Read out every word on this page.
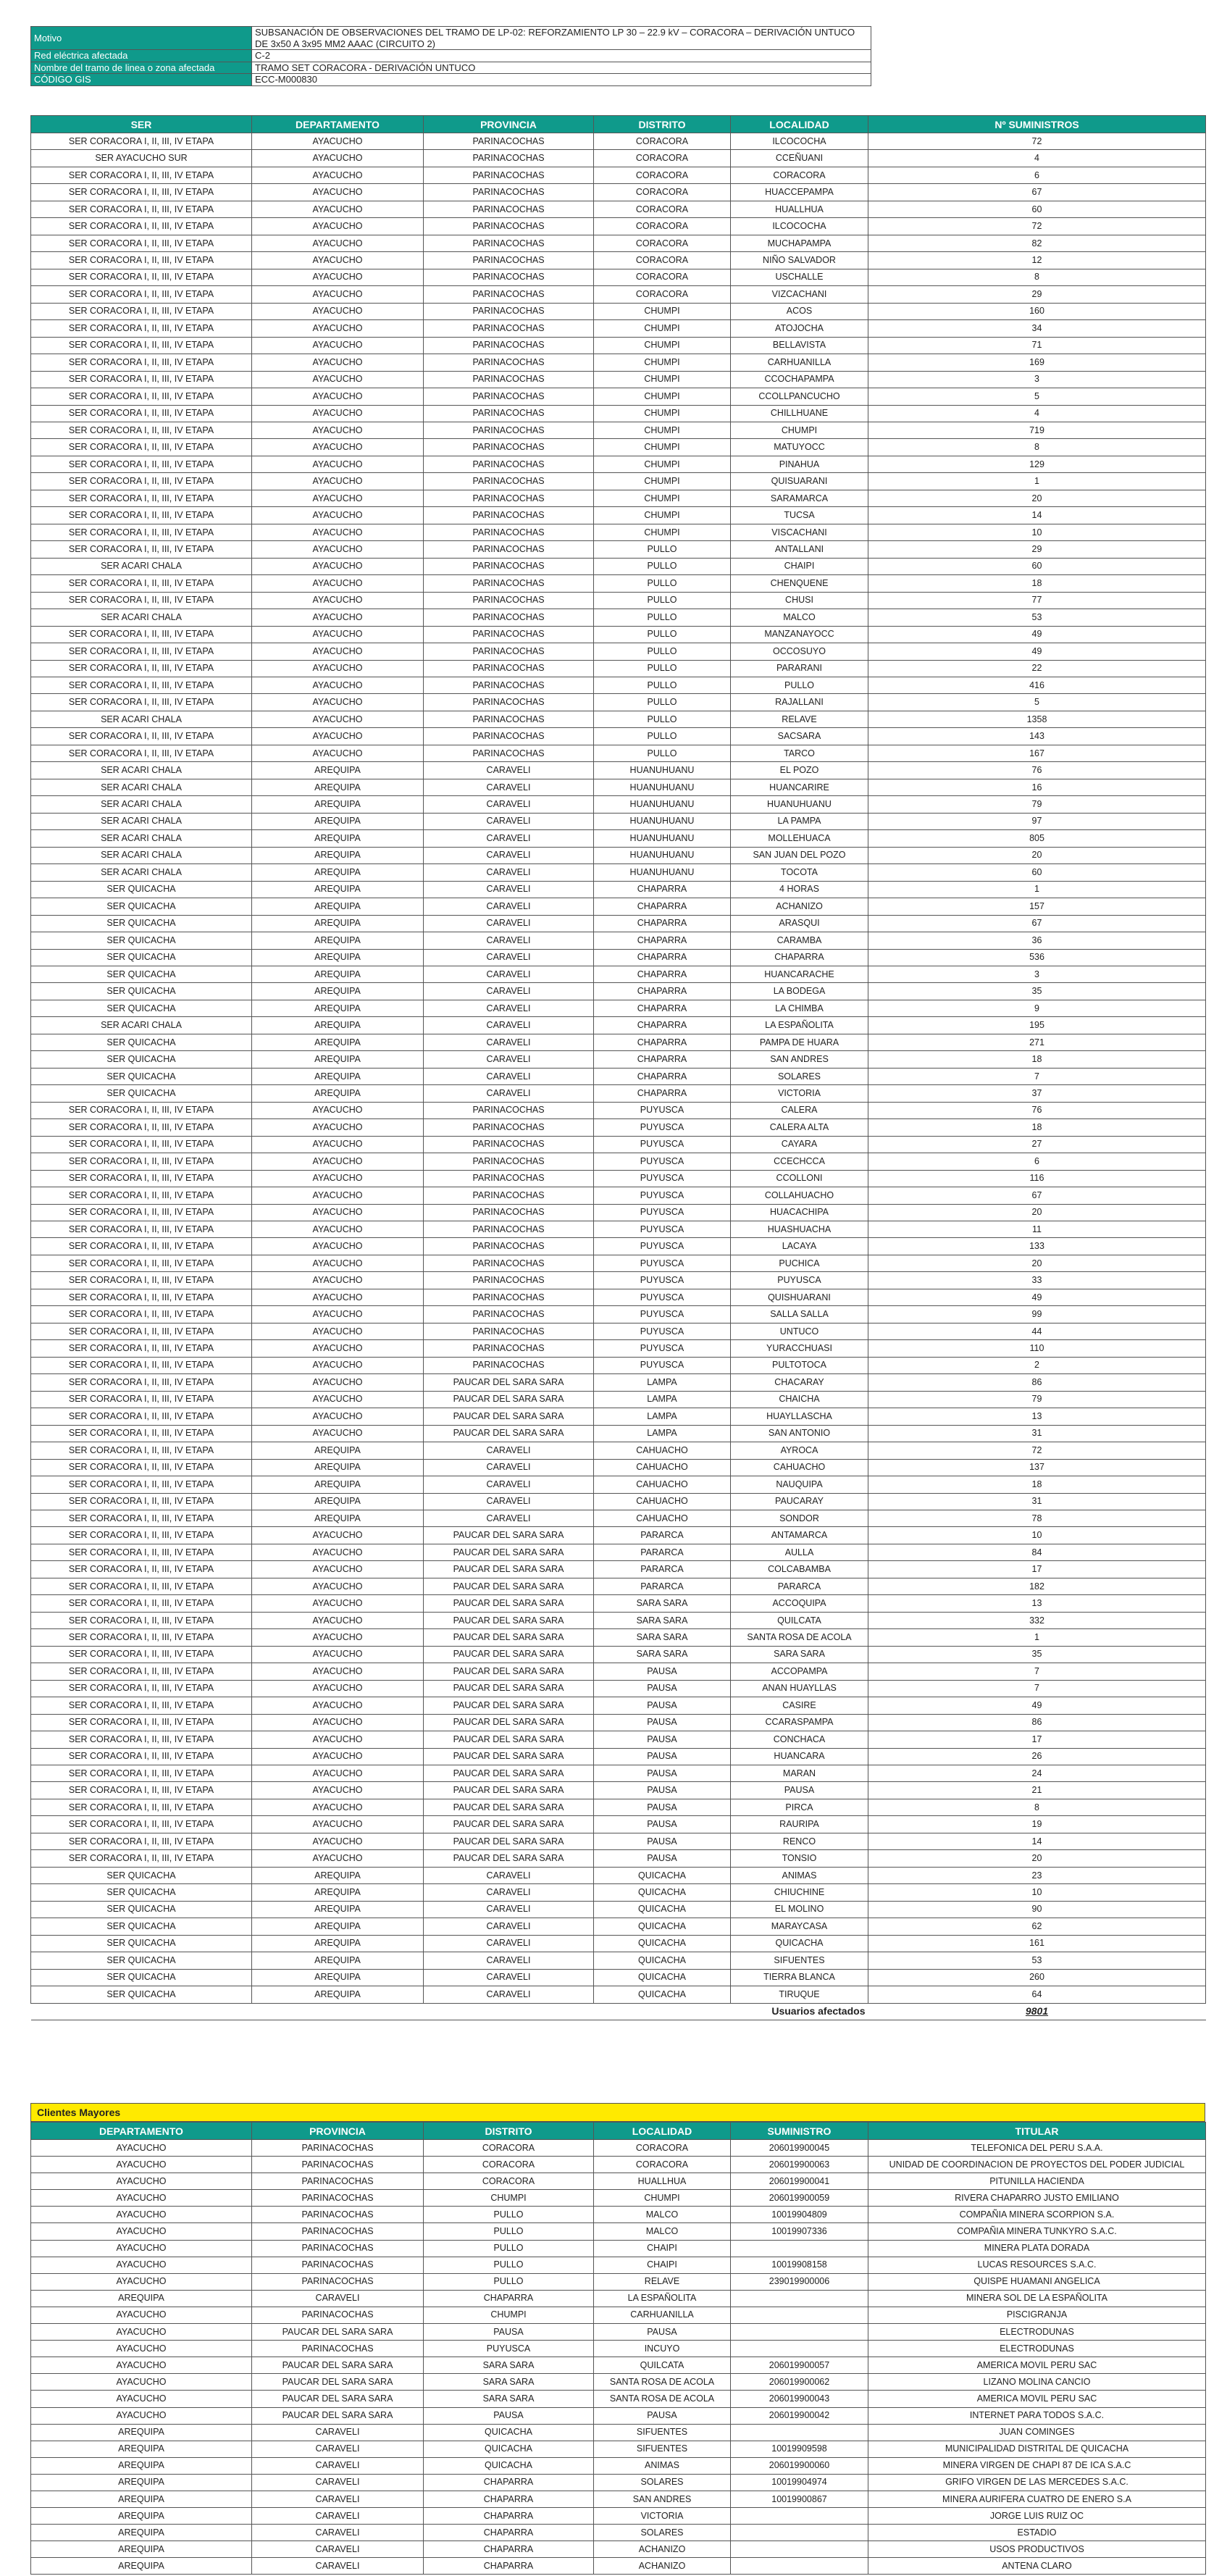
Motivo	SUBSANACIÓN DE OBSERVACIONES DEL TRAMO DE LP-02: REFORZAMIENTO LP 30 – 22.9 kV – CORACORA – DERIVACIÓN UNTUCO DE 3x50 A 3x95 MM2 AAAC (CIRCUITO 2)
Red eléctrica afectada	C-2
Nombre del tramo de linea o zona afectada	TRAMO SET CORACORA - DERIVACIÓN UNTUCO
CÓDIGO GIS	ECC-M000830
SER	DEPARTAMENTO	PROVINCIA	DISTRITO	LOCALIDAD	Nº SUMINISTROS
SER CORACORA I, II, III, IV ETAPA	AYACUCHO	PARINACOCHAS	CORACORA	ILCOCOCHA	72
SER AYACUCHO SUR	AYACUCHO	PARINACOCHAS	CORACORA	CCEÑUANI	4
SER CORACORA I, II, III, IV ETAPA	AYACUCHO	PARINACOCHAS	CORACORA	CORACORA	6
SER CORACORA I, II, III, IV ETAPA	AYACUCHO	PARINACOCHAS	CORACORA	HUACCEPAMPA	67
SER CORACORA I, II, III, IV ETAPA	AYACUCHO	PARINACOCHAS	CORACORA	HUALLHUA	60
SER CORACORA I, II, III, IV ETAPA	AYACUCHO	PARINACOCHAS	CORACORA	ILCOCOCHA	72
SER CORACORA I, II, III, IV ETAPA	AYACUCHO	PARINACOCHAS	CORACORA	MUCHAPAMPA	82
SER CORACORA I, II, III, IV ETAPA	AYACUCHO	PARINACOCHAS	CORACORA	NIÑO SALVADOR	12
SER CORACORA I, II, III, IV ETAPA	AYACUCHO	PARINACOCHAS	CORACORA	USCHALLE	8
SER CORACORA I, II, III, IV ETAPA	AYACUCHO	PARINACOCHAS	CORACORA	VIZCACHANI	29
SER CORACORA I, II, III, IV ETAPA	AYACUCHO	PARINACOCHAS	CHUMPI	ACOS	160
SER CORACORA I, II, III, IV ETAPA	AYACUCHO	PARINACOCHAS	CHUMPI	ATOJOCHA	34
SER CORACORA I, II, III, IV ETAPA	AYACUCHO	PARINACOCHAS	CHUMPI	BELLAVISTA	71
SER CORACORA I, II, III, IV ETAPA	AYACUCHO	PARINACOCHAS	CHUMPI	CARHUANILLA	169
SER CORACORA I, II, III, IV ETAPA	AYACUCHO	PARINACOCHAS	CHUMPI	CCOCHAPAMPA	3
SER CORACORA I, II, III, IV ETAPA	AYACUCHO	PARINACOCHAS	CHUMPI	CCOLLPANCUCHO	5
SER CORACORA I, II, III, IV ETAPA	AYACUCHO	PARINACOCHAS	CHUMPI	CHILLHUANE	4
SER CORACORA I, II, III, IV ETAPA	AYACUCHO	PARINACOCHAS	CHUMPI	CHUMPI	719
SER CORACORA I, II, III, IV ETAPA	AYACUCHO	PARINACOCHAS	CHUMPI	MATUYOCC	8
SER CORACORA I, II, III, IV ETAPA	AYACUCHO	PARINACOCHAS	CHUMPI	PINAHUA	129
SER CORACORA I, II, III, IV ETAPA	AYACUCHO	PARINACOCHAS	CHUMPI	QUISUARANI	1
SER CORACORA I, II, III, IV ETAPA	AYACUCHO	PARINACOCHAS	CHUMPI	SARAMARCA	20
SER CORACORA I, II, III, IV ETAPA	AYACUCHO	PARINACOCHAS	CHUMPI	TUCSA	14
SER CORACORA I, II, III, IV ETAPA	AYACUCHO	PARINACOCHAS	CHUMPI	VISCACHANI	10
SER CORACORA I, II, III, IV ETAPA	AYACUCHO	PARINACOCHAS	PULLO	ANTALLANI	29
SER ACARI CHALA	AYACUCHO	PARINACOCHAS	PULLO	CHAIPI	60
SER CORACORA I, II, III, IV ETAPA	AYACUCHO	PARINACOCHAS	PULLO	CHENQUENE	18
SER CORACORA I, II, III, IV ETAPA	AYACUCHO	PARINACOCHAS	PULLO	CHUSI	77
SER ACARI CHALA	AYACUCHO	PARINACOCHAS	PULLO	MALCO	53
SER CORACORA I, II, III, IV ETAPA	AYACUCHO	PARINACOCHAS	PULLO	MANZANAYOCC	49
SER CORACORA I, II, III, IV ETAPA	AYACUCHO	PARINACOCHAS	PULLO	OCCOSUYO	49
SER CORACORA I, II, III, IV ETAPA	AYACUCHO	PARINACOCHAS	PULLO	PARARANI	22
SER CORACORA I, II, III, IV ETAPA	AYACUCHO	PARINACOCHAS	PULLO	PULLO	416
SER CORACORA I, II, III, IV ETAPA	AYACUCHO	PARINACOCHAS	PULLO	RAJALLANI	5
SER ACARI CHALA	AYACUCHO	PARINACOCHAS	PULLO	RELAVE	1358
SER CORACORA I, II, III, IV ETAPA	AYACUCHO	PARINACOCHAS	PULLO	SACSARA	143
SER CORACORA I, II, III, IV ETAPA	AYACUCHO	PARINACOCHAS	PULLO	TARCO	167
SER ACARI CHALA	AREQUIPA	CARAVELI	HUANUHUANU	EL POZO	76
SER ACARI CHALA	AREQUIPA	CARAVELI	HUANUHUANU	HUANCARIRE	16
SER ACARI CHALA	AREQUIPA	CARAVELI	HUANUHUANU	HUANUHUANU	79
SER ACARI CHALA	AREQUIPA	CARAVELI	HUANUHUANU	LA PAMPA	97
SER ACARI CHALA	AREQUIPA	CARAVELI	HUANUHUANU	MOLLEHUACA	805
SER ACARI CHALA	AREQUIPA	CARAVELI	HUANUHUANU	SAN JUAN DEL POZO	20
SER ACARI CHALA	AREQUIPA	CARAVELI	HUANUHUANU	TOCOTA	60
SER QUICACHA	AREQUIPA	CARAVELI	CHAPARRA	4 HORAS	1
SER QUICACHA	AREQUIPA	CARAVELI	CHAPARRA	ACHANIZO	157
SER QUICACHA	AREQUIPA	CARAVELI	CHAPARRA	ARASQUI	67
SER QUICACHA	AREQUIPA	CARAVELI	CHAPARRA	CARAMBA	36
SER QUICACHA	AREQUIPA	CARAVELI	CHAPARRA	CHAPARRA	536
SER QUICACHA	AREQUIPA	CARAVELI	CHAPARRA	HUANCARACHE	3
SER QUICACHA	AREQUIPA	CARAVELI	CHAPARRA	LA BODEGA	35
SER QUICACHA	AREQUIPA	CARAVELI	CHAPARRA	LA CHIMBA	9
SER ACARI CHALA	AREQUIPA	CARAVELI	CHAPARRA	LA ESPAÑOLITA	195
SER QUICACHA	AREQUIPA	CARAVELI	CHAPARRA	PAMPA DE HUARA	271
SER QUICACHA	AREQUIPA	CARAVELI	CHAPARRA	SAN ANDRES	18
SER QUICACHA	AREQUIPA	CARAVELI	CHAPARRA	SOLARES	7
SER QUICACHA	AREQUIPA	CARAVELI	CHAPARRA	VICTORIA	37
SER CORACORA I, II, III, IV ETAPA	AYACUCHO	PARINACOCHAS	PUYUSCA	CALERA	76
SER CORACORA I, II, III, IV ETAPA	AYACUCHO	PARINACOCHAS	PUYUSCA	CALERA ALTA	18
SER CORACORA I, II, III, IV ETAPA	AYACUCHO	PARINACOCHAS	PUYUSCA	CAYARA	27
SER CORACORA I, II, III, IV ETAPA	AYACUCHO	PARINACOCHAS	PUYUSCA	CCECHCCA	6
SER CORACORA I, II, III, IV ETAPA	AYACUCHO	PARINACOCHAS	PUYUSCA	CCOLLONI	116
SER CORACORA I, II, III, IV ETAPA	AYACUCHO	PARINACOCHAS	PUYUSCA	COLLAHUACHO	67
SER CORACORA I, II, III, IV ETAPA	AYACUCHO	PARINACOCHAS	PUYUSCA	HUACACHIPA	20
SER CORACORA I, II, III, IV ETAPA	AYACUCHO	PARINACOCHAS	PUYUSCA	HUASHUACHA	11
SER CORACORA I, II, III, IV ETAPA	AYACUCHO	PARINACOCHAS	PUYUSCA	LACAYA	133
SER CORACORA I, II, III, IV ETAPA	AYACUCHO	PARINACOCHAS	PUYUSCA	PUCHICA	20
SER CORACORA I, II, III, IV ETAPA	AYACUCHO	PARINACOCHAS	PUYUSCA	PUYUSCA	33
SER CORACORA I, II, III, IV ETAPA	AYACUCHO	PARINACOCHAS	PUYUSCA	QUISHUARANI	49
SER CORACORA I, II, III, IV ETAPA	AYACUCHO	PARINACOCHAS	PUYUSCA	SALLA SALLA	99
SER CORACORA I, II, III, IV ETAPA	AYACUCHO	PARINACOCHAS	PUYUSCA	UNTUCO	44
SER CORACORA I, II, III, IV ETAPA	AYACUCHO	PARINACOCHAS	PUYUSCA	YURACCHUASI	110
SER CORACORA I, II, III, IV ETAPA	AYACUCHO	PARINACOCHAS	PUYUSCA	PULTOTOCA	2
SER CORACORA I, II, III, IV ETAPA	AYACUCHO	PAUCAR DEL SARA SARA	LAMPA	CHACARAY	86
SER CORACORA I, II, III, IV ETAPA	AYACUCHO	PAUCAR DEL SARA SARA	LAMPA	CHAICHA	79
SER CORACORA I, II, III, IV ETAPA	AYACUCHO	PAUCAR DEL SARA SARA	LAMPA	HUAYLLASCHA	13
SER CORACORA I, II, III, IV ETAPA	AYACUCHO	PAUCAR DEL SARA SARA	LAMPA	SAN ANTONIO	31
SER CORACORA I, II, III, IV ETAPA	AREQUIPA	CARAVELI	CAHUACHO	AYROCA	72
SER CORACORA I, II, III, IV ETAPA	AREQUIPA	CARAVELI	CAHUACHO	CAHUACHO	137
SER CORACORA I, II, III, IV ETAPA	AREQUIPA	CARAVELI	CAHUACHO	NAUQUIPA	18
SER CORACORA I, II, III, IV ETAPA	AREQUIPA	CARAVELI	CAHUACHO	PAUCARAY	31
SER CORACORA I, II, III, IV ETAPA	AREQUIPA	CARAVELI	CAHUACHO	SONDOR	78
SER CORACORA I, II, III, IV ETAPA	AYACUCHO	PAUCAR DEL SARA SARA	PARARCA	ANTAMARCA	10
SER CORACORA I, II, III, IV ETAPA	AYACUCHO	PAUCAR DEL SARA SARA	PARARCA	AULLA	84
SER CORACORA I, II, III, IV ETAPA	AYACUCHO	PAUCAR DEL SARA SARA	PARARCA	COLCABAMBA	17
SER CORACORA I, II, III, IV ETAPA	AYACUCHO	PAUCAR DEL SARA SARA	PARARCA	PARARCA	182
SER CORACORA I, II, III, IV ETAPA	AYACUCHO	PAUCAR DEL SARA SARA	SARA SARA	ACCOQUIPA	13
SER CORACORA I, II, III, IV ETAPA	AYACUCHO	PAUCAR DEL SARA SARA	SARA SARA	QUILCATA	332
SER CORACORA I, II, III, IV ETAPA	AYACUCHO	PAUCAR DEL SARA SARA	SARA SARA	SANTA ROSA DE ACOLA	1
SER CORACORA I, II, III, IV ETAPA	AYACUCHO	PAUCAR DEL SARA SARA	SARA SARA	SARA SARA	35
SER CORACORA I, II, III, IV ETAPA	AYACUCHO	PAUCAR DEL SARA SARA	PAUSA	ACCOPAMPA	7
SER CORACORA I, II, III, IV ETAPA	AYACUCHO	PAUCAR DEL SARA SARA	PAUSA	ANAN HUAYLLAS	7
SER CORACORA I, II, III, IV ETAPA	AYACUCHO	PAUCAR DEL SARA SARA	PAUSA	CASIRE	49
SER CORACORA I, II, III, IV ETAPA	AYACUCHO	PAUCAR DEL SARA SARA	PAUSA	CCARASPAMPA	86
SER CORACORA I, II, III, IV ETAPA	AYACUCHO	PAUCAR DEL SARA SARA	PAUSA	CONCHACA	17
SER CORACORA I, II, III, IV ETAPA	AYACUCHO	PAUCAR DEL SARA SARA	PAUSA	HUANCARA	26
SER CORACORA I, II, III, IV ETAPA	AYACUCHO	PAUCAR DEL SARA SARA	PAUSA	MARAN	24
SER CORACORA I, II, III, IV ETAPA	AYACUCHO	PAUCAR DEL SARA SARA	PAUSA	PAUSA	21
SER CORACORA I, II, III, IV ETAPA	AYACUCHO	PAUCAR DEL SARA SARA	PAUSA	PIRCA	8
SER CORACORA I, II, III, IV ETAPA	AYACUCHO	PAUCAR DEL SARA SARA	PAUSA	RAURIPA	19
SER CORACORA I, II, III, IV ETAPA	AYACUCHO	PAUCAR DEL SARA SARA	PAUSA	RENCO	14
SER CORACORA I, II, III, IV ETAPA	AYACUCHO	PAUCAR DEL SARA SARA	PAUSA	TONSIO	20
SER QUICACHA	AREQUIPA	CARAVELI	QUICACHA	ANIMAS	23
SER QUICACHA	AREQUIPA	CARAVELI	QUICACHA	CHIUCHINE	10
SER QUICACHA	AREQUIPA	CARAVELI	QUICACHA	EL MOLINO	90
SER QUICACHA	AREQUIPA	CARAVELI	QUICACHA	MARAYCASA	62
SER QUICACHA	AREQUIPA	CARAVELI	QUICACHA	QUICACHA	161
SER QUICACHA	AREQUIPA	CARAVELI	QUICACHA	SIFUENTES	53
SER QUICACHA	AREQUIPA	CARAVELI	QUICACHA	TIERRA BLANCA	260
SER QUICACHA	AREQUIPA	CARAVELI	QUICACHA	TIRUQUE	64
Usuarios afectados					9801
Clientes Mayores
DEPARTAMENTO	PROVINCIA	DISTRITO	LOCALIDAD	SUMINISTRO	TITULAR
AYACUCHO	PARINACOCHAS	CORACORA	CORACORA	206019900045	TELEFONICA DEL PERU S.A.A.
AYACUCHO	PARINACOCHAS	CORACORA	CORACORA	206019900063	UNIDAD DE COORDINACION DE PROYECTOS DEL PODER JUDICIAL
AYACUCHO	PARINACOCHAS	CORACORA	HUALLHUA	206019900041	PITUNILLA HACIENDA
AYACUCHO	PARINACOCHAS	CHUMPI	CHUMPI	206019900059	RIVERA CHAPARRO JUSTO EMILIANO
AYACUCHO	PARINACOCHAS	PULLO	MALCO	10019904809	COMPAÑIA MINERA SCORPION S.A.
AYACUCHO	PARINACOCHAS	PULLO	MALCO	10019907336	COMPAÑIA MINERA TUNKYRO S.A.C.
AYACUCHO	PARINACOCHAS	PULLO	CHAIPI		MINERA PLATA DORADA
AYACUCHO	PARINACOCHAS	PULLO	CHAIPI	10019908158	LUCAS RESOURCES S.A.C.
AYACUCHO	PARINACOCHAS	PULLO	RELAVE	239019900006	QUISPE HUAMANI ANGELICA
AREQUIPA	CARAVELI	CHAPARRA	LA ESPAÑOLITA		MINERA SOL DE LA ESPAÑOLITA
AYACUCHO	PARINACOCHAS	CHUMPI	CARHUANILLA		PISCIGRANJA
AYACUCHO	PAUCAR DEL SARA SARA	PAUSA	PAUSA		ELECTRODUNAS
AYACUCHO	PARINACOCHAS	PUYUSCA	INCUYO		ELECTRODUNAS
AYACUCHO	PAUCAR DEL SARA SARA	SARA SARA	QUILCATA	206019900057	AMERICA MOVIL PERU SAC
AYACUCHO	PAUCAR DEL SARA SARA	SARA SARA	SANTA ROSA DE ACOLA	206019900062	LIZANO MOLINA CANCIO
AYACUCHO	PAUCAR DEL SARA SARA	SARA SARA	SANTA ROSA DE ACOLA	206019900043	AMERICA MOVIL PERU SAC
AYACUCHO	PAUCAR DEL SARA SARA	PAUSA	PAUSA	206019900042	INTERNET PARA TODOS S.A.C.
AREQUIPA	CARAVELI	QUICACHA	SIFUENTES		JUAN COMINGES
AREQUIPA	CARAVELI	QUICACHA	SIFUENTES	10019909598	MUNICIPALIDAD DISTRITAL DE QUICACHA
AREQUIPA	CARAVELI	QUICACHA	ANIMAS	206019900060	MINERA VIRGEN DE CHAPI 87 DE ICA S.A.C
AREQUIPA	CARAVELI	CHAPARRA	SOLARES	10019904974	GRIFO VIRGEN DE LAS MERCEDES S.A.C.
AREQUIPA	CARAVELI	CHAPARRA	SAN ANDRES	10019900867	MINERA AURIFERA CUATRO DE ENERO S.A
AREQUIPA	CARAVELI	CHAPARRA	VICTORIA		JORGE LUIS RUIZ OC
AREQUIPA	CARAVELI	CHAPARRA	SOLARES		ESTADIO
AREQUIPA	CARAVELI	CHAPARRA	ACHANIZO		USOS PRODUCTIVOS
AREQUIPA	CARAVELI	CHAPARRA	ACHANIZO		ANTENA CLARO
